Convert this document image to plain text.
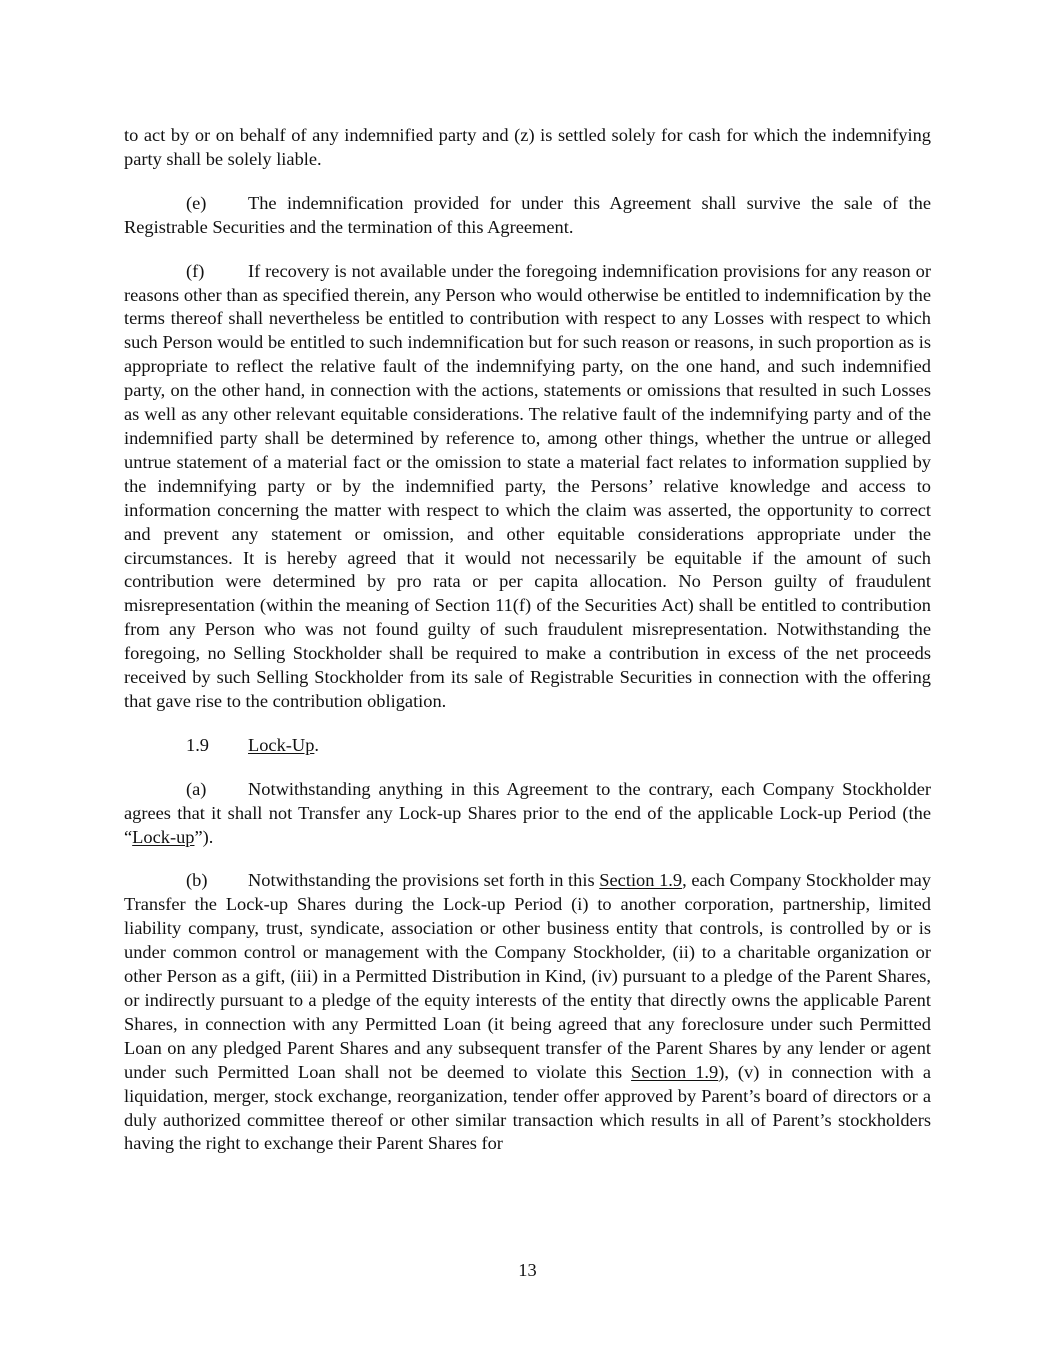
to act by or on behalf of any indemnified party and (z) is settled solely for cash for which the indemnifying party shall be solely liable.

(e) The indemnification provided for under this Agreement shall survive the sale of the Registrable Securities and the termination of this Agreement.

(f) If recovery is not available under the foregoing indemnification provisions for any reason or reasons other than as specified therein, any Person who would otherwise be entitled to indemnification by the terms thereof shall nevertheless be entitled to contribution with respect to any Losses with respect to which such Person would be entitled to such indemnification but for such reason or reasons, in such proportion as is appropriate to reflect the relative fault of the indemnifying party, on the one hand, and such indemnified party, on the other hand, in connection with the actions, statements or omissions that resulted in such Losses as well as any other relevant equitable considerations. The relative fault of the indemnifying party and of the indemnified party shall be determined by reference to, among other things, whether the untrue or alleged untrue statement of a material fact or the omission to state a material fact relates to information supplied by the indemnifying party or by the indemnified party, the Persons’ relative knowledge and access to information concerning the matter with respect to which the claim was asserted, the opportunity to correct and prevent any statement or omission, and other equitable considerations appropriate under the circumstances. It is hereby agreed that it would not necessarily be equitable if the amount of such contribution were determined by pro rata or per capita allocation. No Person guilty of fraudulent misrepresentation (within the meaning of Section 11(f) of the Securities Act) shall be entitled to contribution from any Person who was not found guilty of such fraudulent misrepresentation. Notwithstanding the foregoing, no Selling Stockholder shall be required to make a contribution in excess of the net proceeds received by such Selling Stockholder from its sale of Registrable Securities in connection with the offering that gave rise to the contribution obligation.

1.9 Lock-Up.

(a) Notwithstanding anything in this Agreement to the contrary, each Company Stockholder agrees that it shall not Transfer any Lock-up Shares prior to the end of the applicable Lock-up Period (the “Lock-up”).

(b) Notwithstanding the provisions set forth in this Section 1.9, each Company Stockholder may Transfer the Lock-up Shares during the Lock-up Period (i) to another corporation, partnership, limited liability company, trust, syndicate, association or other business entity that controls, is controlled by or is under common control or management with the Company Stockholder, (ii) to a charitable organization or other Person as a gift, (iii) in a Permitted Distribution in Kind, (iv) pursuant to a pledge of the Parent Shares, or indirectly pursuant to a pledge of the equity interests of the entity that directly owns the applicable Parent Shares, in connection with any Permitted Loan (it being agreed that any foreclosure under such Permitted Loan on any pledged Parent Shares and any subsequent transfer of the Parent Shares by any lender or agent under such Permitted Loan shall not be deemed to violate this Section 1.9), (v) in connection with a liquidation, merger, stock exchange, reorganization, tender offer approved by Parent’s board of directors or a duly authorized committee thereof or other similar transaction which results in all of Parent’s stockholders having the right to exchange their Parent Shares for

13
